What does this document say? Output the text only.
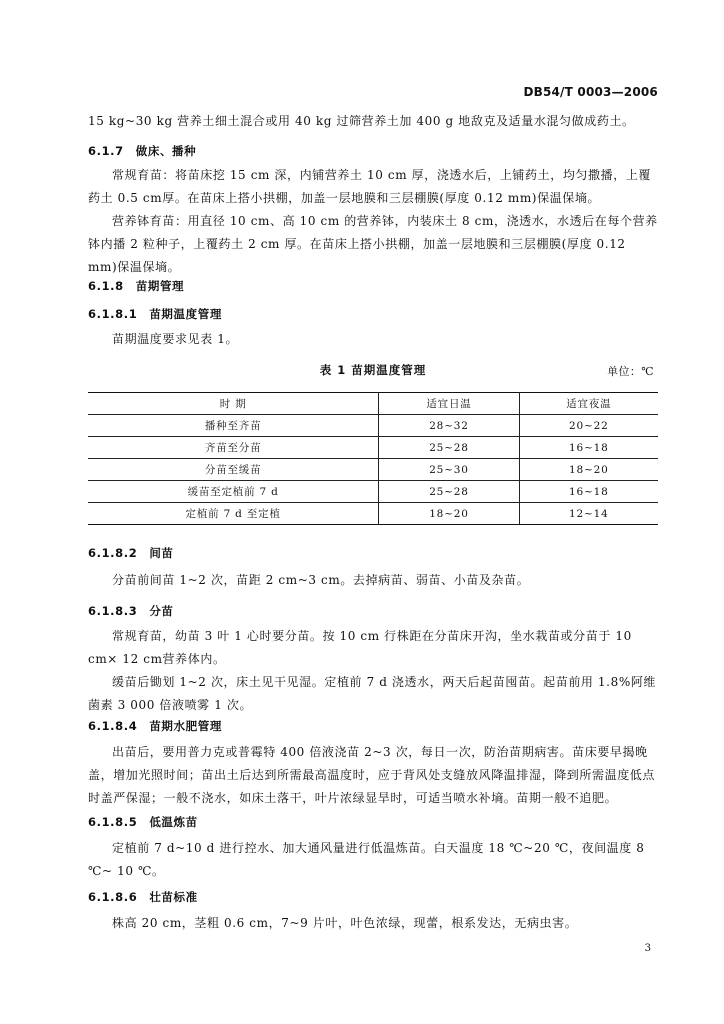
DB54/T 0003—2006
15 kg~30 kg 营养土细土混合或用 40 kg 过筛营养土加 400 g 地敌克及适量水混匀做成药土。
6.1.7 做床、播种
常规育苗：将苗床挖 15 cm 深，内铺营养土 10 cm 厚，浇透水后，上铺药土，均匀撒播，上覆药土 0.5 cm厚。在苗床上搭小拱棚，加盖一层地膜和三层棚膜(厚度 0.12 mm)保温保墒。
营养钵育苗：用直径 10 cm、高 10 cm 的营养钵，内装床土 8 cm，浇透水，水透后在每个营养钵内播 2 粒种子，上覆药土 2 cm 厚。在苗床上搭小拱棚，加盖一层地膜和三层棚膜(厚度 0.12 mm)保温保墒。
6.1.8 苗期管理
6.1.8.1 苗期温度管理
苗期温度要求见表 1。
表 1 苗期温度管理	单位：℃
时 期	适宜日温	适宜夜温
播种至齐苗	28~32	20~22
齐苗至分苗	25~28	16~18
分苗至缓苗	25~30	18~20
缓苗至定植前 7 d	25~28	16~18
定植前 7 d 至定植	18~20	12~14
6.1.8.2 间苗
分苗前间苗 1~2 次，苗距 2 cm~3 cm。去掉病苗、弱苗、小苗及杂苗。
6.1.8.3 分苗
常规育苗，幼苗 3 叶 1 心时要分苗。按 10 cm 行株距在分苗床开沟，坐水栽苗或分苗于 10 cm× 12 cm营养体内。
缓苗后锄划 1~2 次，床土见干见湿。定植前 7 d 浇透水，两天后起苗囤苗。起苗前用 1.8%阿维菌素 3 000 倍液喷雾 1 次。
6.1.8.4 苗期水肥管理
出苗后，要用普力克或普霉特 400 倍液浇苗 2~3 次，每日一次，防治苗期病害。苗床要早揭晚盖，增加光照时间；苗出土后达到所需最高温度时，应于背风处支缝放风降温排湿，降到所需温度低点时盖严保湿；一般不浇水，如床土落干，叶片浓绿显旱时，可适当喷水补墒。苗期一般不追肥。
6.1.8.5 低温炼苗
定植前 7 d~10 d 进行控水、加大通风量进行低温炼苗。白天温度 18 ℃~20 ℃，夜间温度 8 ℃~ 10 ℃。
6.1.8.6 壮苗标准
株高 20 cm，茎粗 0.6 cm，7~9 片叶，叶色浓绿，现蕾，根系发达，无病虫害。
3
